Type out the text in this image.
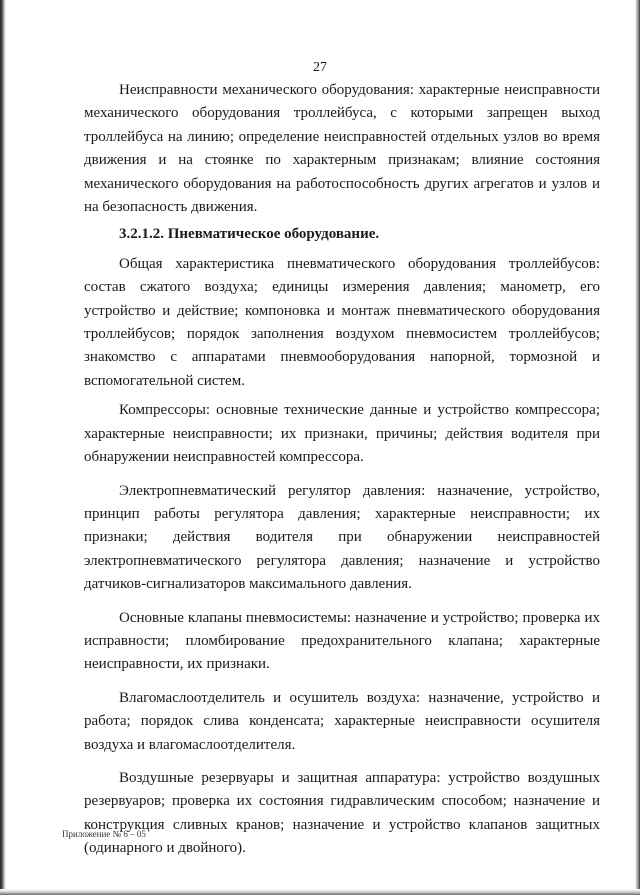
27

Неисправности механического оборудования: характерные неисправности механического оборудования троллейбуса, с которыми запрещен выход троллейбуса на линию; определение неисправностей отдельных узлов во время движения и на стоянке по характерным признакам; влияние состояния механического оборудования на работоспособность других агрегатов и узлов и на безопасность движения.

3.2.1.2. Пневматическое оборудование.

Общая характеристика пневматического оборудования троллейбусов: состав сжатого воздуха; единицы измерения давления; манометр, его устройство и действие; компоновка и монтаж пневматического оборудования троллейбусов; порядок заполнения воздухом пневмосистем троллейбусов; знакомство с аппаратами пневмооборудования напорной, тормозной и вспомогательной систем.

Компрессоры: основные технические данные и устройство компрессора; характерные неисправности; их признаки, причины; действия водителя при обнаружении неисправностей компрессора.

Электропневматический регулятор давления: назначение, устройство, принцип работы регулятора давления; характерные неисправности; их признаки; действия водителя при обнаружении неисправностей электропневматического регулятора давления; назначение и устройство датчиков-сигнализаторов максимального давления.

Основные клапаны пневмосистемы: назначение и устройство; проверка их исправности; пломбирование предохранительного клапана; характерные неисправности, их признаки.

Влагомаслоотделитель и осушитель воздуха: назначение, устройство и работа; порядок слива конденсата; характерные неисправности осушителя воздуха и влагомаслоотделителя.

Воздушные резервуары и защитная аппаратура: устройство воздушных резервуаров; проверка их состояния гидравлическим способом; назначение и конструкция сливных кранов; назначение и устройство клапанов защитных (одинарного и двойного).

Приложение № 6 – 05
